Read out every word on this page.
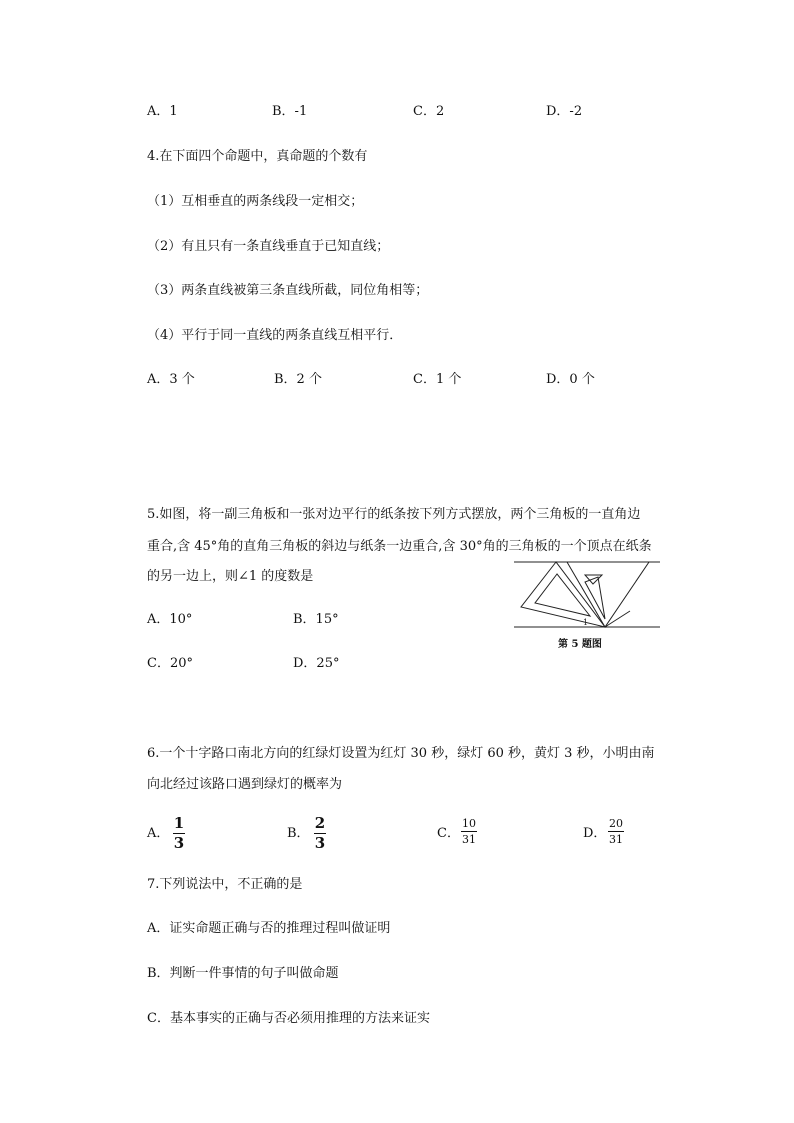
A．1	B．-1	C．2	D．-2
4.在下面四个命题中，真命题的个数有
（1）互相垂直的两条线段一定相交；
（2）有且只有一条直线垂直于已知直线；
（3）两条直线被第三条直线所截，同位角相等；
（4）平行于同一直线的两条直线互相平行．
A．3 个	B．2 个	C．1 个	D．0 个
5.如图，将一副三角板和一张对边平行的纸条按下列方式摆放，两个三角板的一直角边
重合,含 45°角的直角三角板的斜边与纸条一边重合,含 30°角的三角板的一个顶点在纸条
的另一边上，则∠1 的度数是
A．10°	B．15°
C．20°	D．25°
1
第 5 题图
6.一个十字路口南北方向的红绿灯设置为红灯 30 秒，绿灯 60 秒，黄灯 3 秒，小明由南
向北经过该路口遇到绿灯的概率为
A．
1
3
B．
2
3
C．
10
31	D．
20
31
7.下列说法中，不正确的是
A．证实命题正确与否的推理过程叫做证明
B．判断一件事情的句子叫做命题
C．基本事实的正确与否必须用推理的方法来证实
